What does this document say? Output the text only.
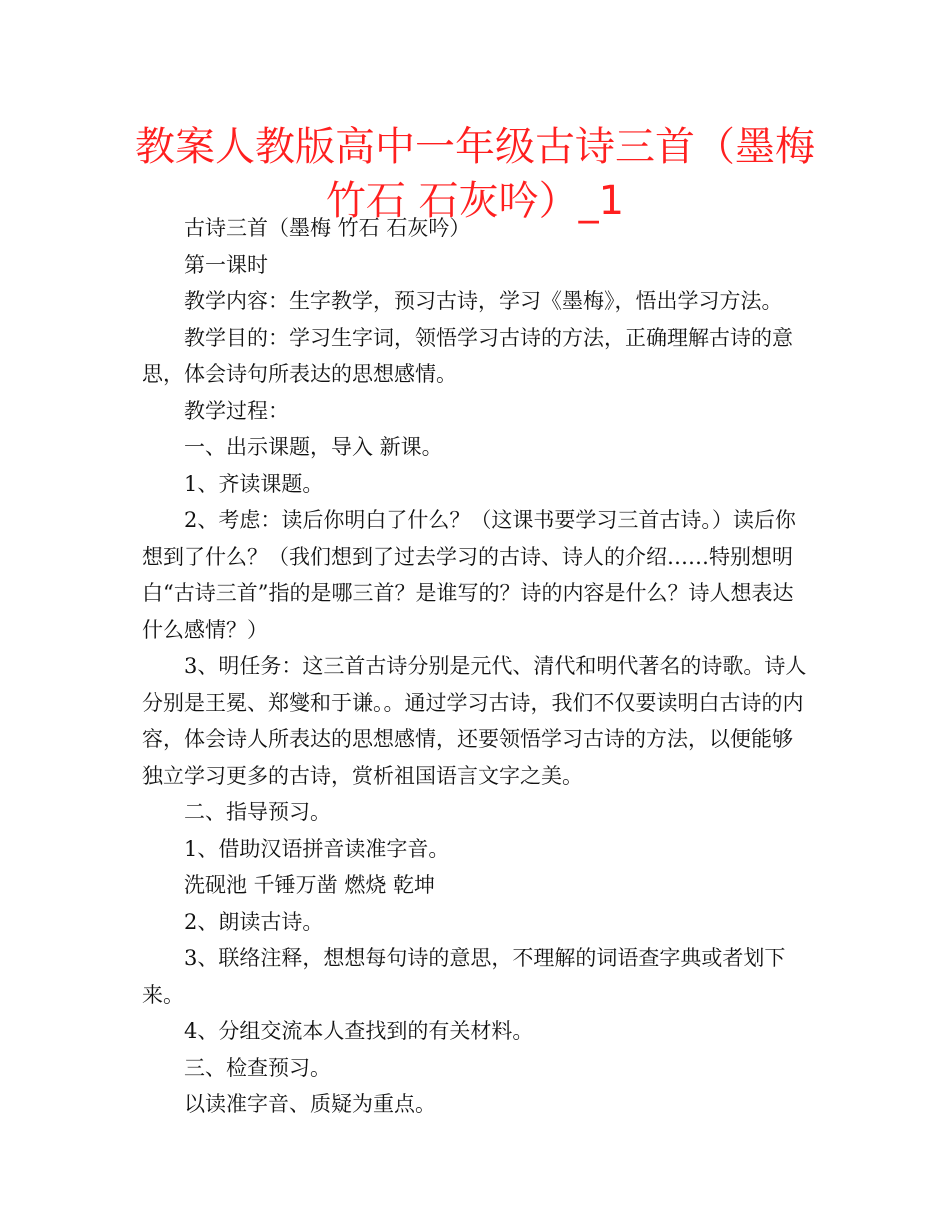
教案人教版高中一年级古诗三首（墨梅 竹石 石灰吟）_1

古诗三首（墨梅 竹石 石灰吟）

第一课时

教学内容：生字教学，预习古诗，学习《墨梅》，悟出学习方法。

教学目的：学习生字词，领悟学习古诗的方法，正确理解古诗的意思，体会诗句所表达的思想感情。

教学过程：

一、出示课题，导入 新课。

1、齐读课题。

2、考虑：读后你明白了什么？（这课书要学习三首古诗。）读后你想到了什么？（我们想到了过去学习的古诗、诗人的介绍……特别想明白“古诗三首”指的是哪三首？是谁写的？诗的内容是什么？诗人想表达什么感情？）

3、明任务：这三首古诗分别是元代、清代和明代著名的诗歌。诗人分别是王冕、郑燮和于谦。。通过学习古诗，我们不仅要读明白古诗的内容，体会诗人所表达的思想感情，还要领悟学习古诗的方法，以便能够独立学习更多的古诗，赏析祖国语言文字之美。

二、指导预习。

1、借助汉语拼音读准字音。

洗砚池 千锤万凿 燃烧 乾坤

2、朗读古诗。

3、联络注释，想想每句诗的意思，不理解的词语查字典或者划下来。

4、分组交流本人查找到的有关材料。

三、检查预习。

以读准字音、质疑为重点。
